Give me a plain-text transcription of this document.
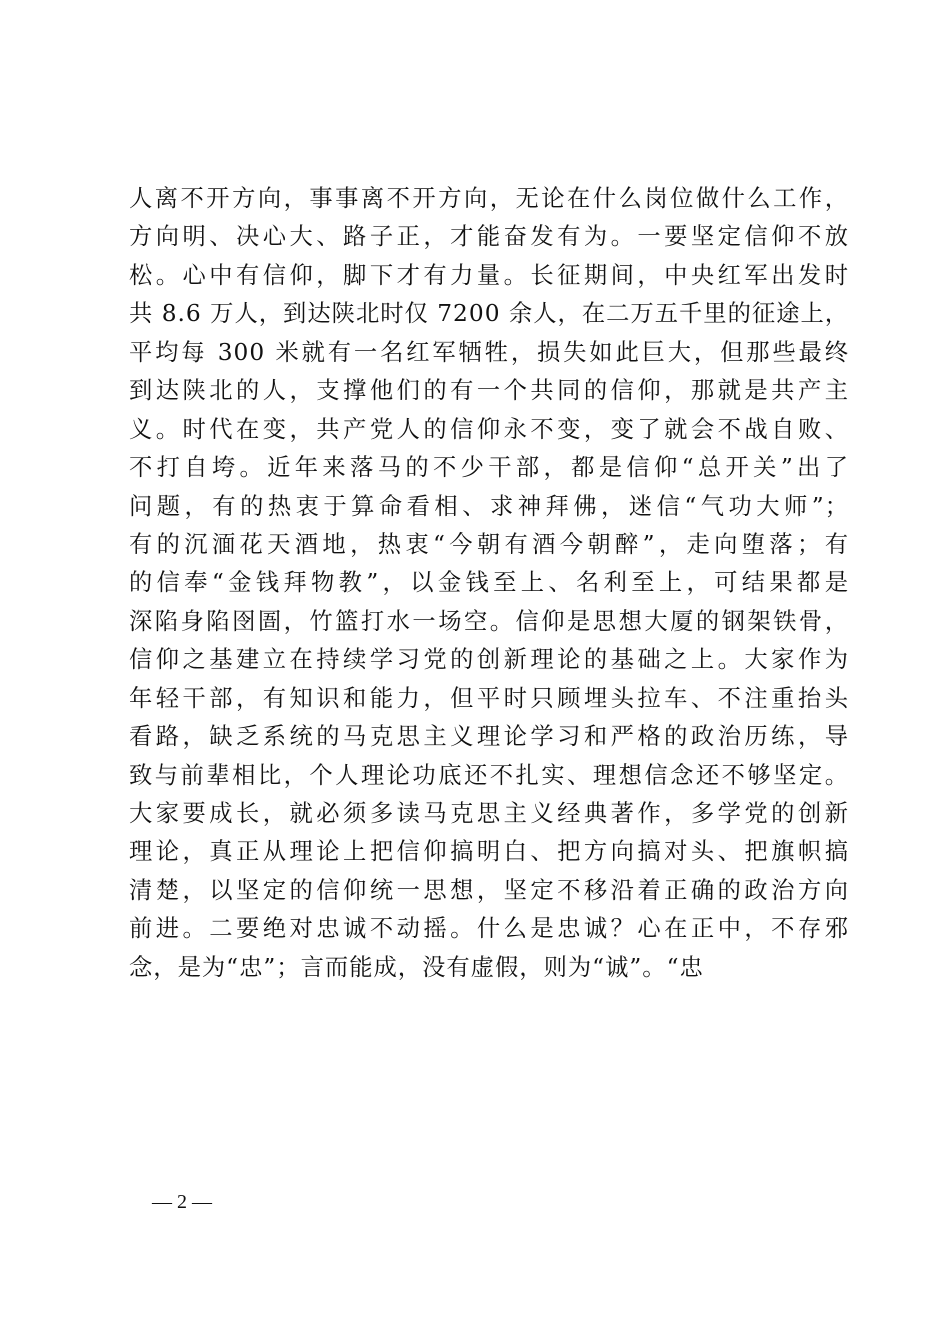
人离不开方向，事事离不开方向，无论在什么岗位做什么工作，
方向明、决心大、路子正，才能奋发有为。一要坚定信仰不放
松。心中有信仰，脚下才有力量。长征期间，中央红军出发时
共 8.6 万人，到达陕北时仅 7200 余人，在二万五千里的征途上，
平均每 300 米就有一名红军牺牲，损失如此巨大，但那些最终
到达陕北的人，支撑他们的有一个共同的信仰，那就是共产主
义。时代在变，共产党人的信仰永不变，变了就会不战自败、
不打自垮。近年来落马的不少干部，都是信仰“总开关”出了
问题，有的热衷于算命看相、求神拜佛，迷信“气功大师”；
有的沉湎花天酒地，热衷“今朝有酒今朝醉”，走向堕落；有
的信奉“金钱拜物教”，以金钱至上、名利至上，可结果都是
深陷身陷囹圄，竹篮打水一场空。信仰是思想大厦的钢架铁骨，
信仰之基建立在持续学习党的创新理论的基础之上。大家作为
年轻干部，有知识和能力，但平时只顾埋头拉车、不注重抬头
看路，缺乏系统的马克思主义理论学习和严格的政治历练，导
致与前辈相比，个人理论功底还不扎实、理想信念还不够坚定。
大家要成长，就必须多读马克思主义经典著作，多学党的创新
理论，真正从理论上把信仰搞明白、把方向搞对头、把旗帜搞
清楚，以坚定的信仰统一思想，坚定不移沿着正确的政治方向
前进。二要绝对忠诚不动摇。什么是忠诚？心在正中，不存邪
念，是为“忠”；言而能成，没有虚假，则为“诚”。“忠
— 2 —
